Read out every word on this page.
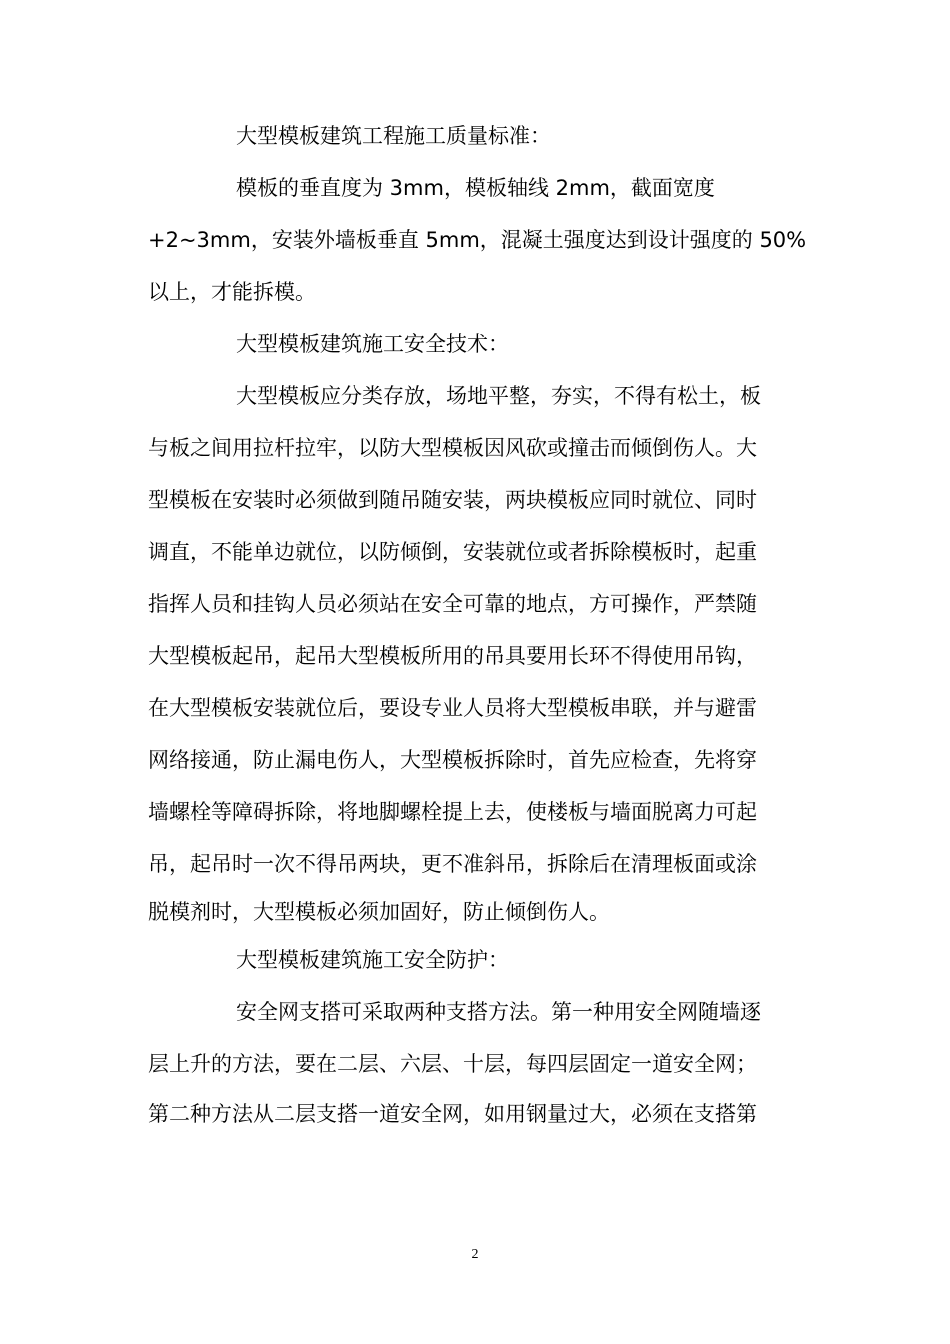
大型模板建筑工程施工质量标准：
模板的垂直度为 3mm，模板轴线 2mm，截面宽度
+2~3mm，安装外墙板垂直 5mm，混凝土强度达到设计强度的 50%
以上，才能拆模。
大型模板建筑施工安全技术：
大型模板应分类存放，场地平整，夯实，不得有松土，板
与板之间用拉杆拉牢，以防大型模板因风砍或撞击而倾倒伤人。大
型模板在安装时必须做到随吊随安装，两块模板应同时就位、同时
调直，不能单边就位，以防倾倒，安装就位或者拆除模板时，起重
指挥人员和挂钩人员必须站在安全可靠的地点，方可操作，严禁随
大型模板起吊，起吊大型模板所用的吊具要用长环不得使用吊钩，
在大型模板安装就位后，要设专业人员将大型模板串联，并与避雷
网络接通，防止漏电伤人，大型模板拆除时，首先应检查，先将穿
墙螺栓等障碍拆除，将地脚螺栓提上去，使楼板与墙面脱离力可起
吊，起吊时一次不得吊两块，更不准斜吊，拆除后在清理板面或涂
脱模剂时，大型模板必须加固好，防止倾倒伤人。
大型模板建筑施工安全防护：
安全网支搭可采取两种支搭方法。第一种用安全网随墙逐
层上升的方法，要在二层、六层、十层，每四层固定一道安全网；
第二种方法从二层支搭一道安全网，如用钢量过大，必须在支搭第
2
